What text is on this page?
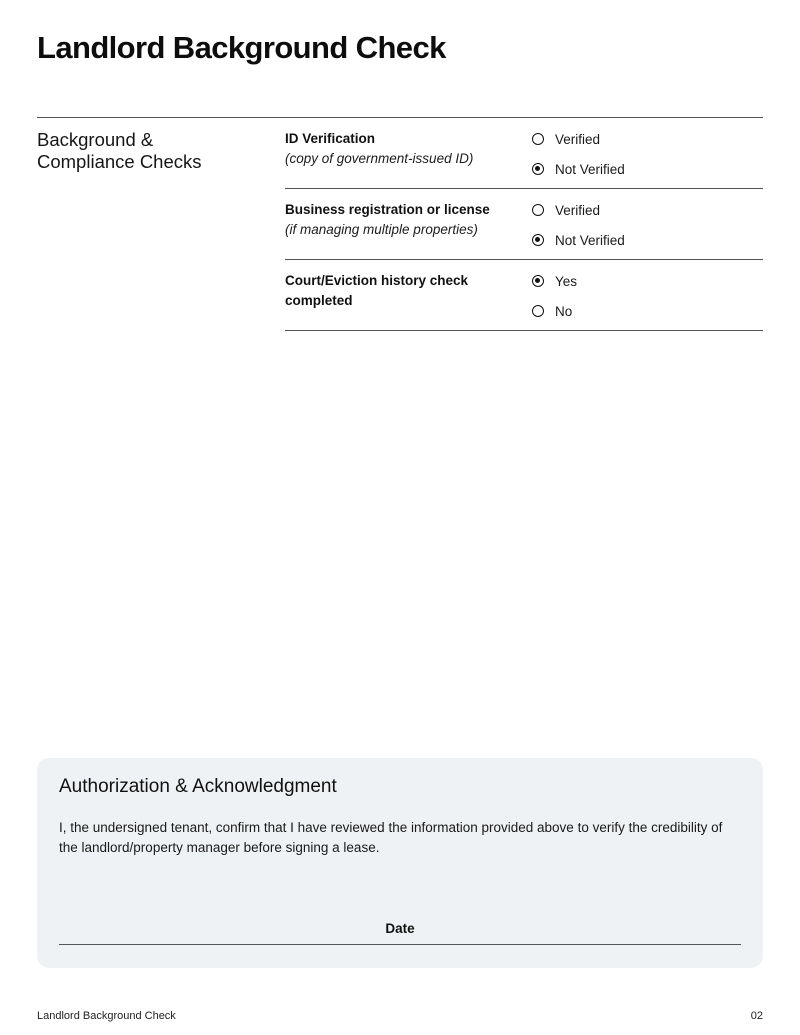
Landlord Background Check
Background & Compliance Checks
ID Verification
(copy of government-issued ID)
Verified
Not Verified
Business registration or license
(if managing multiple properties)
Verified
Not Verified
Court/Eviction history check completed
Yes
No
Authorization & Acknowledgment

I, the undersigned tenant, confirm that I have reviewed the information provided above to verify the credibility of the landlord/property manager before signing a lease.

Date
Landlord Background Check	02
